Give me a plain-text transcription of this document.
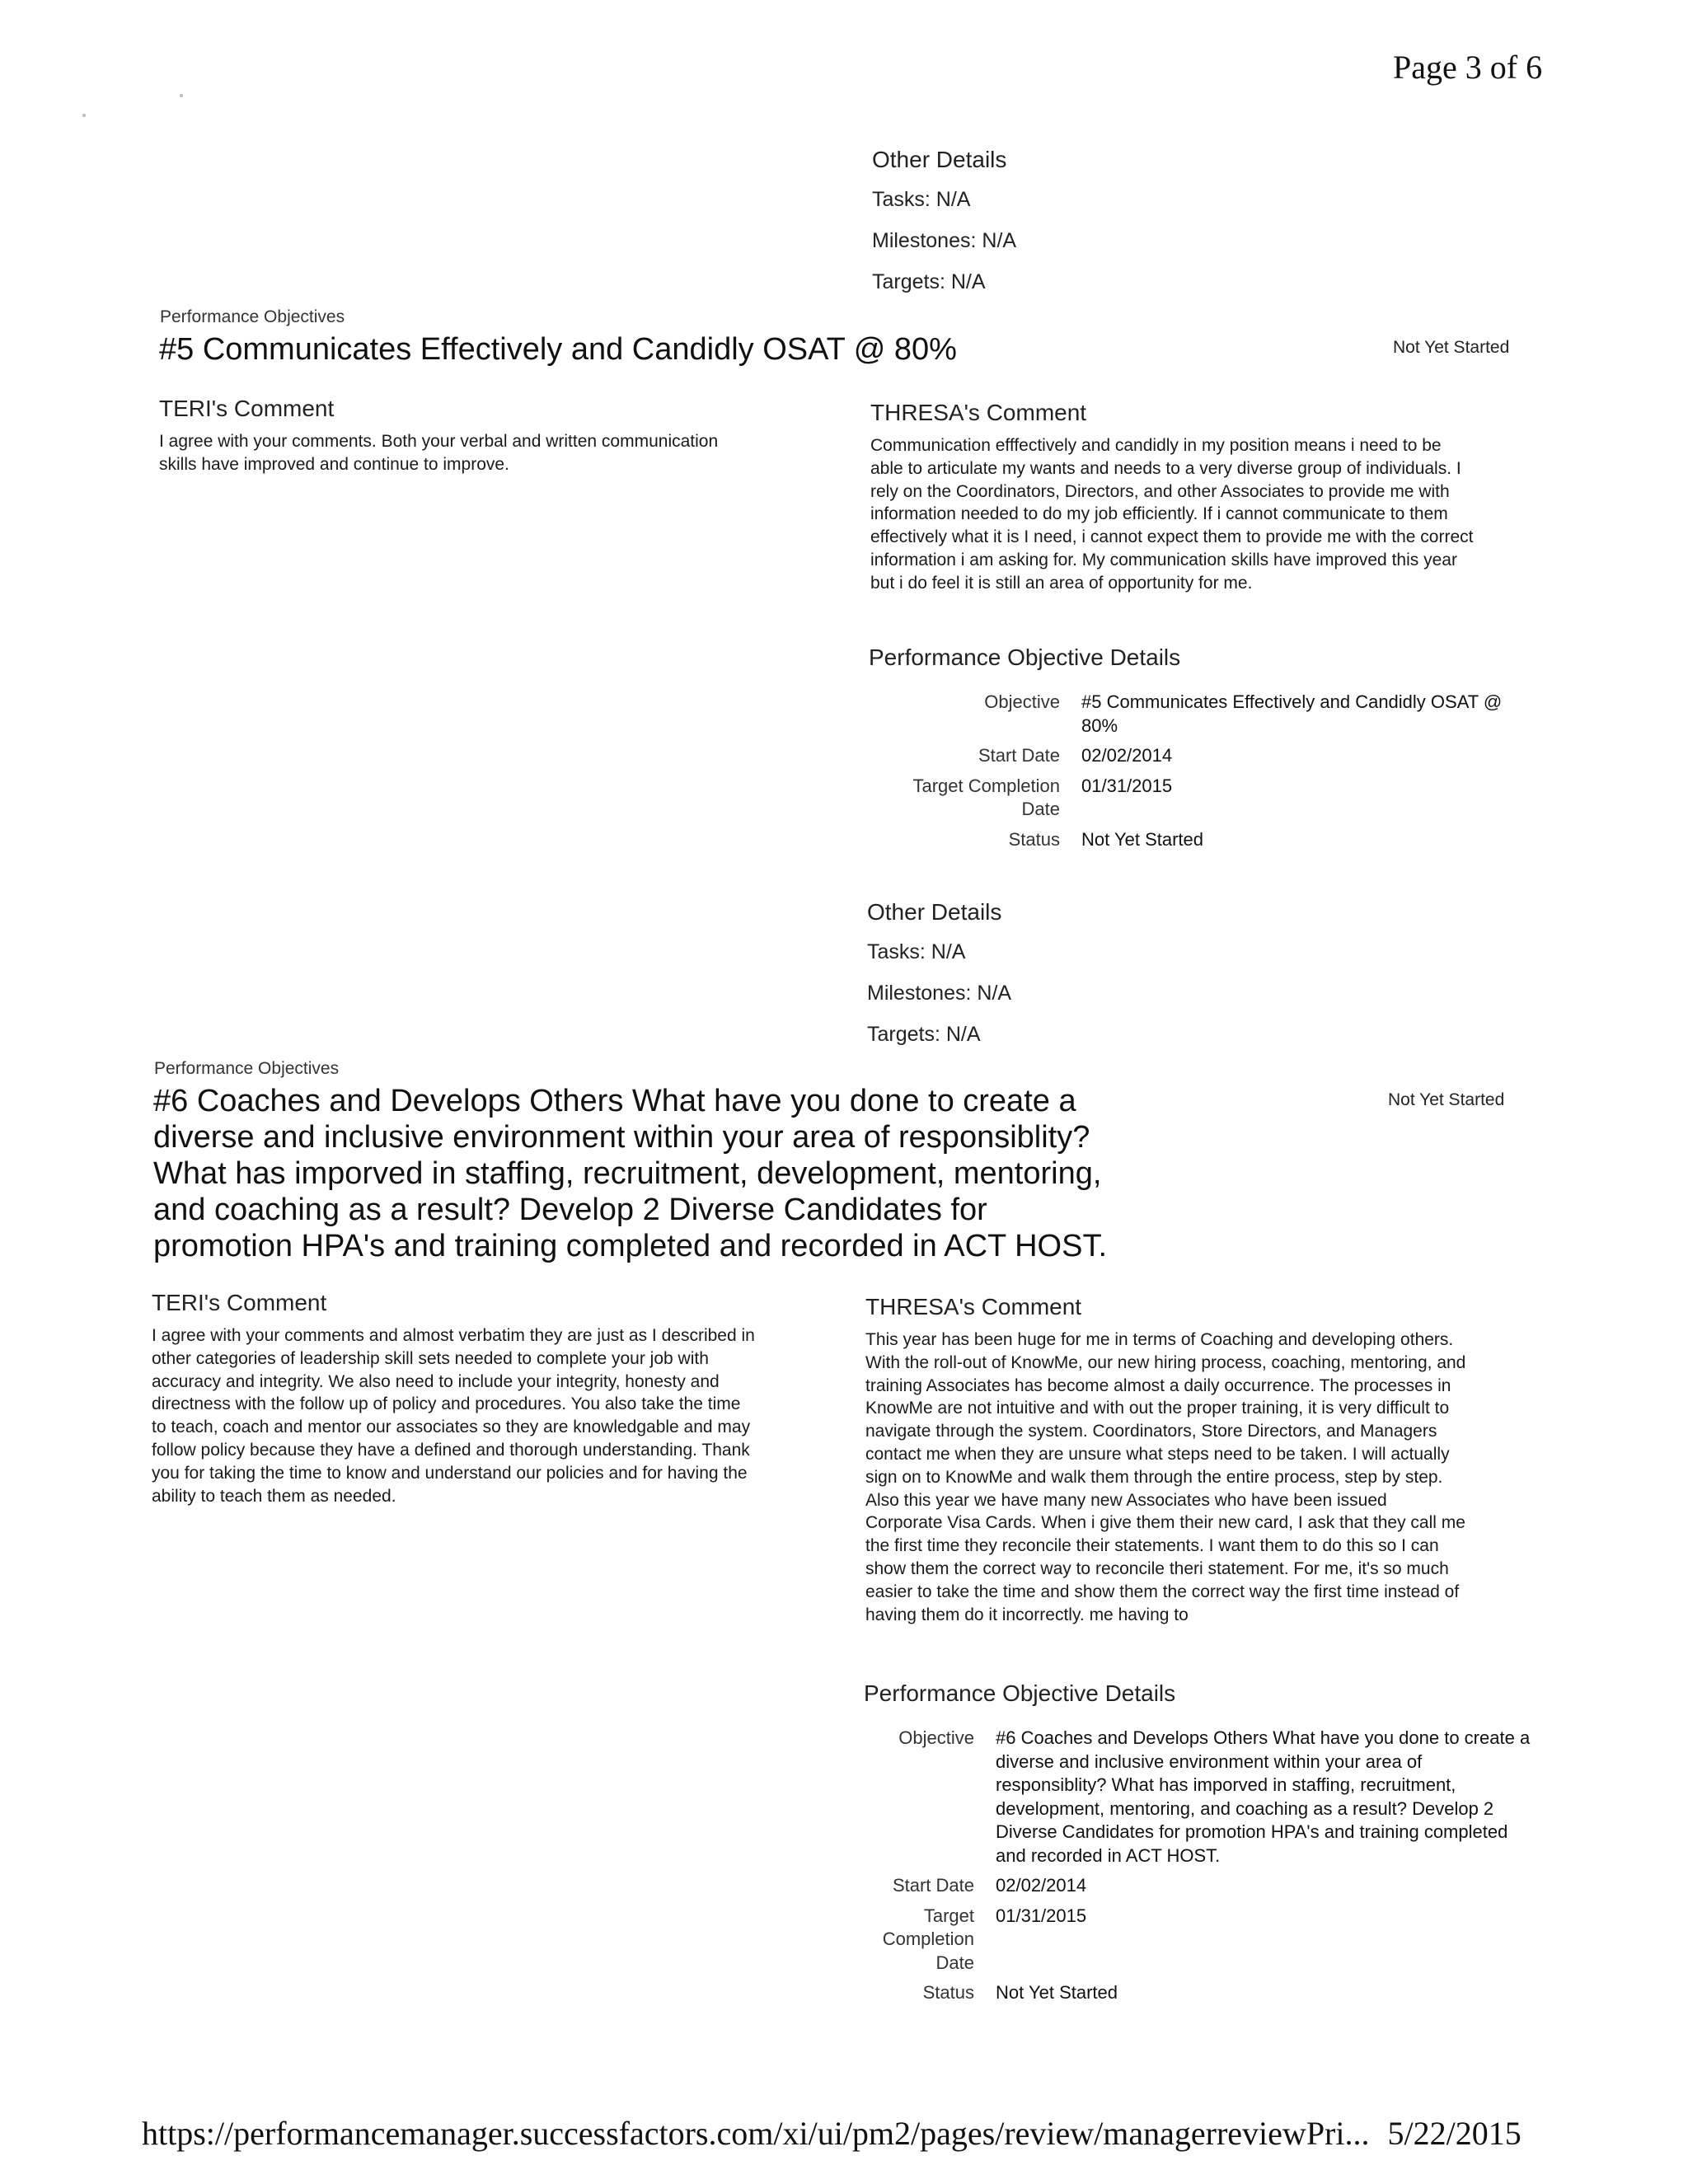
Page 3 of 6
Other Details
Tasks: N/A
Milestones: N/A
Targets: N/A
Performance Objectives
#5 Communicates Effectively and Candidly OSAT @ 80%	Not Yet Started
TERI's Comment
I agree with your comments. Both your verbal and written communication
skills have improved and continue to improve.
THRESA's Comment
Communication efffectively and candidly in my position means i need to be
able to articulate my wants and needs to a very diverse group of individuals. I
rely on the Coordinators, Directors, and other Associates to provide me with
information needed to do my job efficiently. If i cannot communicate to them
effectively what it is I need, i cannot expect them to provide me with the correct
information i am asking for. My communication skills have improved this year
but i do feel it is still an area of opportunity for me.
Performance Objective Details
Objective #5 Communicates Effectively and Candidly OSAT @ 80%
Start Date 02/02/2014
Target Completion Date
01/31/2015
Status Not Yet Started
Other Details
Tasks: N/A
Milestones: N/A
Targets: N/A
Performance Objectives
#6 Coaches and Develops Others What have you done to create a
diverse and inclusive environment within your area of responsiblity?
What has imporved in staffing, recruitment, development, mentoring,
and coaching as a result? Develop 2 Diverse Candidates for
promotion HPA's and training completed and recorded in ACT HOST.
Not Yet Started
TERI's Comment
I agree with your comments and almost verbatim they are just as I described in
other categories of leadership skill sets needed to complete your job with
accuracy and integrity. We also need to include your integrity, honesty and
directness with the follow up of policy and procedures. You also take the time
to teach, coach and mentor our associates so they are knowledgable and may
follow policy because they have a defined and thorough understanding. Thank
you for taking the time to know and understand our policies and for having the
ability to teach them as needed.
THRESA's Comment
This year has been huge for me in terms of Coaching and developing others.
With the roll-out of KnowMe, our new hiring process, coaching, mentoring, and
training Associates has become almost a daily occurrence. The processes in
KnowMe are not intuitive and with out the proper training, it is very difficult to
navigate through the system. Coordinators, Store Directors, and Managers
contact me when they are unsure what steps need to be taken. I will actually
sign on to KnowMe and walk them through the entire process, step by step.
Also this year we have many new Associates who have been issued
Corporate Visa Cards. When i give them their new card, I ask that they call me
the first time they reconcile their statements. I want them to do this so I can
show them the correct way to reconcile theri statement. For me, it's so much
easier to take the time and show them the correct way the first time instead of
having them do it incorrectly. me having to
Performance Objective Details
Objective #6 Coaches and Develops Others What have you done to create a diverse and inclusive environment within your area of responsiblity? What has imporved in staffing, recruitment, development, mentoring, and coaching as a result? Develop 2 Diverse Candidates for promotion HPA's and training completed and recorded in ACT HOST.
Start Date 02/02/2014
Target Completion Date
01/31/2015
Status Not Yet Started
https://performancemanager.successfactors.com/xi/ui/pm2/pages/review/managerreviewPri... 5/22/2015
